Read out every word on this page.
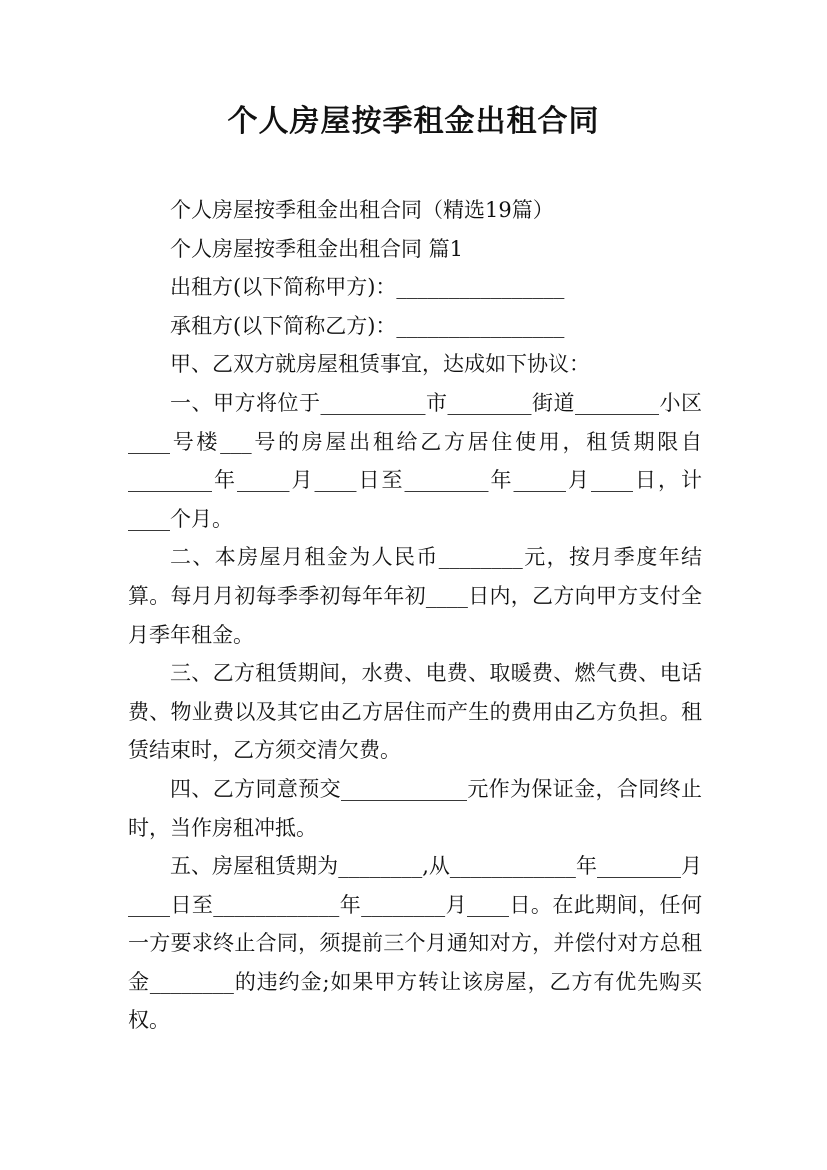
个人房屋按季租金出租合同

个人房屋按季租金出租合同（精选19篇）

个人房屋按季租金出租合同 篇1

出租方(以下简称甲方)：________________

承租方(以下简称乙方)：________________

甲、乙双方就房屋租赁事宜，达成如下协议：

一、甲方将位于__________市________街道________小区____号楼___号的房屋出租给乙方居住使用，租赁期限自________年_____月____日至________年_____月____日，计____个月。

二、本房屋月租金为人民币________元，按月季度年结算。每月月初每季季初每年年初____日内，乙方向甲方支付全月季年租金。

三、乙方租赁期间，水费、电费、取暖费、燃气费、电话费、物业费以及其它由乙方居住而产生的费用由乙方负担。租赁结束时，乙方须交清欠费。

四、乙方同意预交____________元作为保证金，合同终止时，当作房租冲抵。

五、房屋租赁期为________,从____________年________月____日至____________年________月____日。在此期间，任何一方要求终止合同，须提前三个月通知对方，并偿付对方总租金________的违约金;如果甲方转让该房屋，乙方有优先购买权。
